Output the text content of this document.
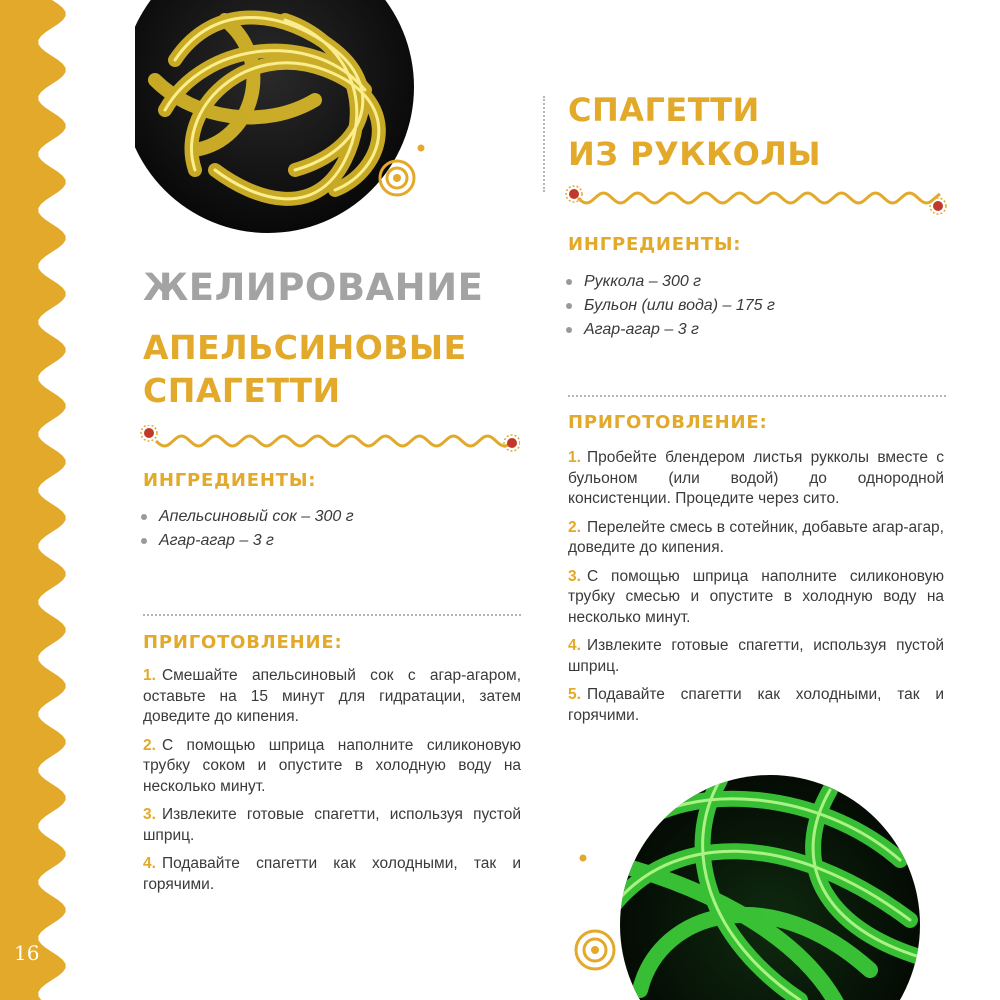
16
ЖЕЛИРОВАНИЕ
АПЕЛЬСИНОВЫЕ
СПАГЕТТИ
ИНГРЕДИЕНТЫ:
Апельсиновый сок – 300 г
Агар-агар – 3 г
ПРИГОТОВЛЕНИЕ:

1. Смешайте апельсиновый сок с агар-агаром, оставьте на 15 минут для гидратации, затем доведите до кипения.

2. С помощью шприца наполните силиконовую трубку соком и опустите в холодную воду на несколько минут.

3. Извлеките готовые спагетти, используя пустой шприц.

4. Подавайте спагетти как холодными, так и горячими.

СПАГЕТТИ
ИЗ РУККОЛЫ
ИНГРЕДИЕНТЫ:
Руккола – 300 г
Бульон (или вода) – 175 г
Агар-агар – 3 г
ПРИГОТОВЛЕНИЕ:

1. Пробейте блендером листья рукколы вместе с бульоном (или водой) до однородной консистенции. Процедите через сито.

2. Перелейте смесь в сотейник, добавьте агар-агар, доведите до кипения.

3. С помощью шприца наполните силиконовую трубку смесью и опустите в холодную воду на несколько минут.

4. Извлеките готовые спагетти, используя пустой шприц.

5. Подавайте спагетти как холодными, так и горячими.
